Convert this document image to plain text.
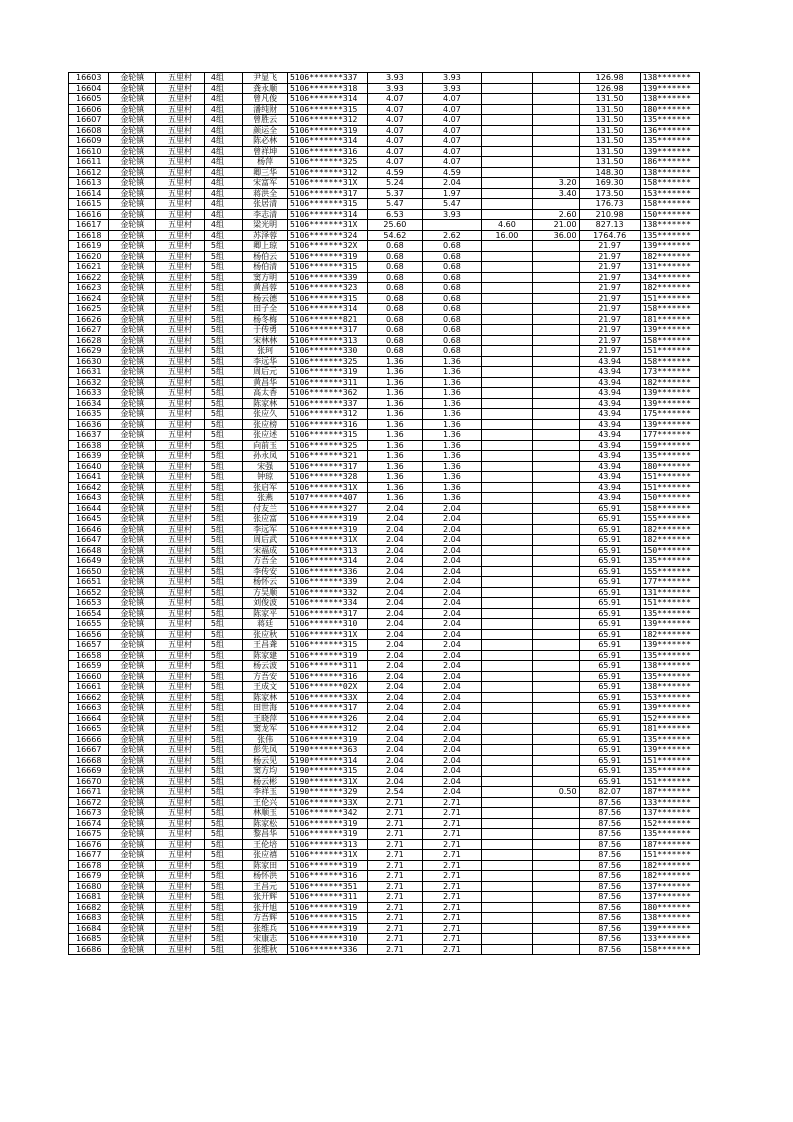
16603	金轮镇	五里村	4组	尹显飞	5106*******337	3.93	3.93			126.98	138*******
16604	金轮镇	五里村	4组	龚永顺	5106*******318	3.93	3.93			126.98	139*******
16605	金轮镇	五里村	4组	曾凡俊	5106*******314	4.07	4.07			131.50	138*******
16606	金轮镇	五里村	4组	潘纯财	5106*******315	4.07	4.07			131.50	180*******
16607	金轮镇	五里村	4组	曾胜云	5106*******312	4.07	4.07			131.50	135*******
16608	金轮镇	五里村	4组	颜运全	5106*******319	4.07	4.07			131.50	136*******
16609	金轮镇	五里村	4组	陈必林	5106*******314	4.07	4.07			131.50	135*******
16610	金轮镇	五里村	4组	曾祥坤	5106*******316	4.07	4.07			131.50	139*******
16611	金轮镇	五里村	4组	杨萍	5106*******325	4.07	4.07			131.50	186*******
16612	金轮镇	五里村	4组	卿三华	5106*******312	4.59	4.59			148.30	138*******
16613	金轮镇	五里村	4组	宋富军	5106*******31X	5.24	2.04		3.20	169.30	158*******
16614	金轮镇	五里村	4组	蒋洪全	5106*******317	5.37	1.97		3.40	173.50	153*******
16615	金轮镇	五里村	4组	张居清	5106*******315	5.47	5.47			176.73	158*******
16616	金轮镇	五里村	4组	李志清	5106*******314	6.53	3.93		2.60	210.98	150*******
16617	金轮镇	五里村	4组	梁光明	5106*******31X	25.60		4.60	21.00	827.13	138*******
16618	金轮镇	五里村	4组	苏泽蓉	5106*******324	54.62	2.62	16.00	36.00	1764.76	135*******
16619	金轮镇	五里村	5组	卿上琼	5106*******32X	0.68	0.68			21.97	139*******
16620	金轮镇	五里村	5组	杨伯云	5106*******319	0.68	0.68			21.97	182*******
16621	金轮镇	五里村	5组	杨伯清	5106*******315	0.68	0.68			21.97	131*******
16622	金轮镇	五里村	5组	窦方明	5106*******339	0.68	0.68			21.97	134*******
16623	金轮镇	五里村	5组	黄昌蓉	5106*******323	0.68	0.68			21.97	182*******
16624	金轮镇	五里村	5组	杨云德	5106*******315	0.68	0.68			21.97	151*******
16625	金轮镇	五里村	5组	田子全	5106*******314	0.68	0.68			21.97	158*******
16626	金轮镇	五里村	5组	杨冬梅	5106*******821	0.68	0.68			21.97	181*******
16627	金轮镇	五里村	5组	于传勇	5106*******317	0.68	0.68			21.97	139*******
16628	金轮镇	五里村	5组	宋林林	5106*******313	0.68	0.68			21.97	158*******
16629	金轮镇	五里村	5组	张珂	5106*******330	0.68	0.68			21.97	151*******
16630	金轮镇	五里村	5组	李远华	5106*******325	1.36	1.36			43.94	158*******
16631	金轮镇	五里村	5组	周后元	5106*******319	1.36	1.36			43.94	173*******
16632	金轮镇	五里村	5组	黄昌华	5106*******311	1.36	1.36			43.94	182*******
16633	金轮镇	五里村	5组	高太香	5106*******362	1.36	1.36			43.94	139*******
16634	金轮镇	五里村	5组	陈家林	5106*******337	1.36	1.36			43.94	139*******
16635	金轮镇	五里村	5组	张应久	5106*******312	1.36	1.36			43.94	175*******
16636	金轮镇	五里村	5组	张应榜	5106*******316	1.36	1.36			43.94	139*******
16637	金轮镇	五里村	5组	张应述	5106*******315	1.36	1.36			43.94	177*******
16638	金轮镇	五里村	5组	向前玉	5106*******325	1.36	1.36			43.94	159*******
16639	金轮镇	五里村	5组	孙永凤	5106*******321	1.36	1.36			43.94	135*******
16640	金轮镇	五里村	5组	宋强	5106*******317	1.36	1.36			43.94	180*******
16641	金轮镇	五里村	5组	钟琼	5106*******328	1.36	1.36			43.94	151*******
16642	金轮镇	五里村	5组	张启军	5106*******31X	1.36	1.36			43.94	151*******
16643	金轮镇	五里村	5组	张燕	5107*******407	1.36	1.36			43.94	150*******
16644	金轮镇	五里村	5组	付友兰	5106*******327	2.04	2.04			65.91	158*******
16645	金轮镇	五里村	5组	张应富	5106*******319	2.04	2.04			65.91	155*******
16646	金轮镇	五里村	5组	李远军	5106*******319	2.04	2.04			65.91	182*******
16647	金轮镇	五里村	5组	周后武	5106*******31X	2.04	2.04			65.91	182*******
16648	金轮镇	五里村	5组	宋福成	5106*******313	2.04	2.04			65.91	150*******
16649	金轮镇	五里村	5组	方吾全	5106*******314	2.04	2.04			65.91	135*******
16650	金轮镇	五里村	5组	李传安	5106*******336	2.04	2.04			65.91	155*******
16651	金轮镇	五里村	5组	杨怀云	5106*******339	2.04	2.04			65.91	177*******
16652	金轮镇	五里村	5组	方吴顺	5106*******332	2.04	2.04			65.91	131*******
16653	金轮镇	五里村	5组	刘俊波	5106*******334	2.04	2.04			65.91	151*******
16654	金轮镇	五里村	5组	陈家平	5106*******317	2.04	2.04			65.91	135*******
16655	金轮镇	五里村	5组	蒋廷	5106*******310	2.04	2.04			65.91	139*******
16656	金轮镇	五里村	5组	张应秋	5106*******31X	2.04	2.04			65.91	182*******
16657	金轮镇	五里村	5组	王昌聋	5106*******315	2.04	2.04			65.91	139*******
16658	金轮镇	五里村	5组	陈家建	5106*******319	2.04	2.04			65.91	135*******
16659	金轮镇	五里村	5组	杨云波	5106*******311	2.04	2.04			65.91	138*******
16660	金轮镇	五里村	5组	方吾安	5106*******316	2.04	2.04			65.91	135*******
16661	金轮镇	五里村	5组	王成文	5106*******02X	2.04	2.04			65.91	138*******
16662	金轮镇	五里村	5组	陈家林	5106*******33X	2.04	2.04			65.91	153*******
16663	金轮镇	五里村	5组	田世海	5106*******317	2.04	2.04			65.91	139*******
16664	金轮镇	五里村	5组	王晓萍	5106*******326	2.04	2.04			65.91	152*******
16665	金轮镇	五里村	5组	窦龙军	5106*******312	2.04	2.04			65.91	181*******
16666	金轮镇	五里村	5组	张伟	5106*******319	2.04	2.04			65.91	135*******
16667	金轮镇	五里村	5组	彭先凤	5190*******363	2.04	2.04			65.91	139*******
16668	金轮镇	五里村	5组	杨云见	5190*******314	2.04	2.04			65.91	151*******
16669	金轮镇	五里村	5组	窦方均	5190*******315	2.04	2.04			65.91	135*******
16670	金轮镇	五里村	5组	杨云彬	5190*******31X	2.04	2.04			65.91	151*******
16671	金轮镇	五里村	5组	李祥玉	5190*******329	2.54	2.04		0.50	82.07	187*******
16672	金轮镇	五里村	5组	王伦兴	5106*******33X	2.71	2.71			87.56	133*******
16673	金轮镇	五里村	5组	林顺玉	5106*******342	2.71	2.71			87.56	137*******
16674	金轮镇	五里村	5组	陈家松	5106*******319	2.71	2.71			87.56	152*******
16675	金轮镇	五里村	5组	黎昌华	5106*******319	2.71	2.71			87.56	135*******
16676	金轮镇	五里村	5组	王伦培	5106*******313	2.71	2.71			87.56	187*******
16677	金轮镇	五里村	5组	张应禧	5106*******31X	2.71	2.71			87.56	151*******
16678	金轮镇	五里村	5组	陈家田	5106*******319	2.71	2.71			87.56	182*******
16679	金轮镇	五里村	5组	杨怀洪	5106*******316	2.71	2.71			87.56	182*******
16680	金轮镇	五里村	5组	王昌元	5106*******351	2.71	2.71			87.56	137*******
16681	金轮镇	五里村	5组	张开辉	5106*******311	2.71	2.71			87.56	137*******
16682	金轮镇	五里村	5组	张开旭	5106*******319	2.71	2.71			87.56	180*******
16683	金轮镇	五里村	5组	方吾辉	5106*******315	2.71	2.71			87.56	138*******
16684	金轮镇	五里村	5组	张维兵	5106*******319	2.71	2.71			87.56	139*******
16685	金轮镇	五里村	5组	宋康志	5106*******310	2.71	2.71			87.56	133*******
16686	金轮镇	五里村	5组	张维秋	5106*******336	2.71	2.71			87.56	158*******
